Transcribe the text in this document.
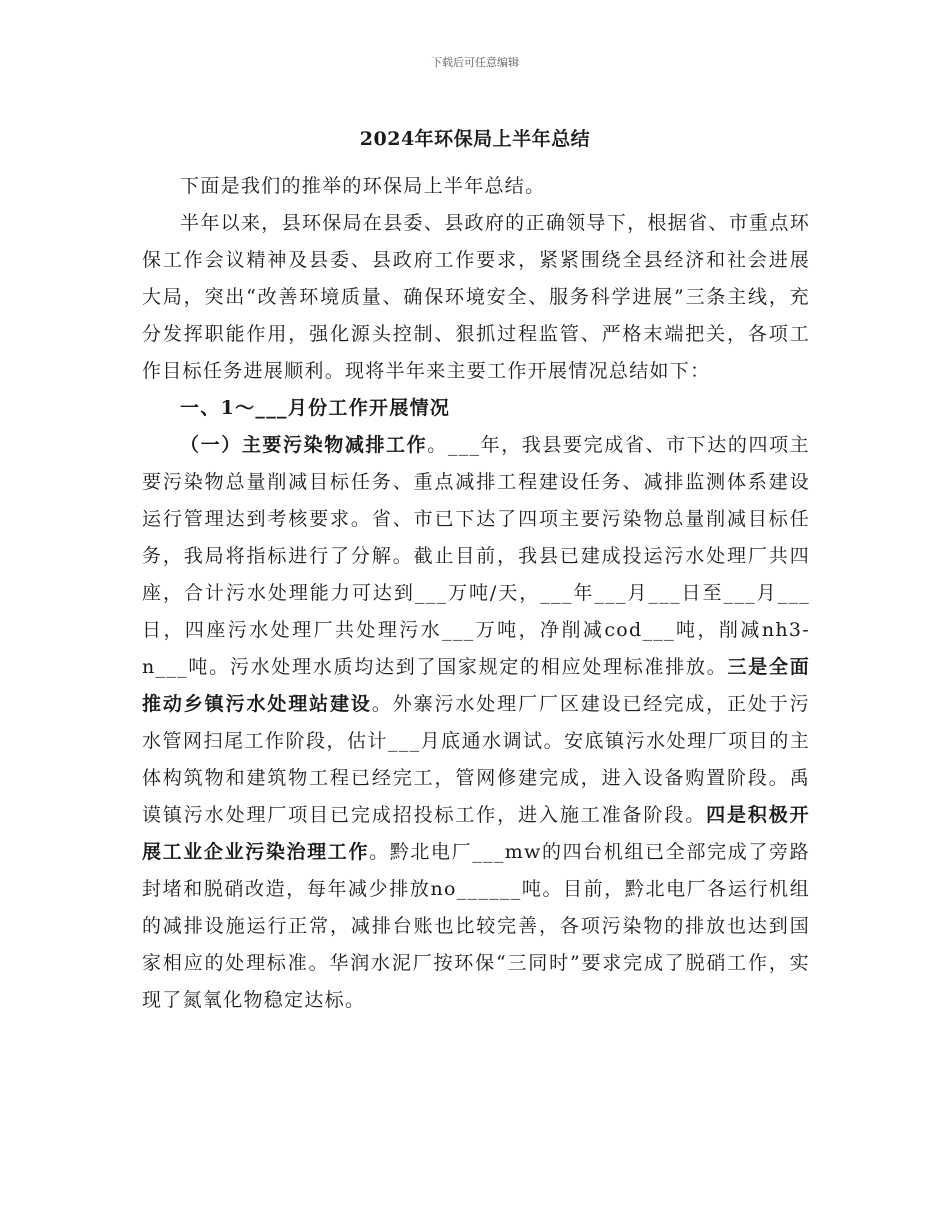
下载后可任意编辑
2024年环保局上半年总结

下面是我们的推举的环保局上半年总结。

半年以来，县环保局在县委、县政府的正确领导下，根据省、市重点环保工作会议精神及县委、县政府工作要求，紧紧围绕全县经济和社会进展大局，突出“改善环境质量、确保环境安全、服务科学进展”三条主线，充分发挥职能作用，强化源头控制、狠抓过程监管、严格末端把关，各项工作目标任务进展顺利。现将半年来主要工作开展情况总结如下：

一、1～___月份工作开展情况

（一）主要污染物减排工作。___年，我县要完成省、市下达的四项主要污染物总量削减目标任务、重点减排工程建设任务、减排监测体系建设运行管理达到考核要求。省、市已下达了四项主要污染物总量削减目标任务，我局将指标进行了分解。截止目前，我县已建成投运污水处理厂共四座，合计污水处理能力可达到___万吨/天，___年___月___日至___月___日，四座污水处理厂共处理污水___万吨，净削减cod___吨，削减nh3-n___吨。污水处理水质均达到了国家规定的相应处理标准排放。三是全面推动乡镇污水处理站建设。外寨污水处理厂厂区建设已经完成，正处于污水管网扫尾工作阶段，估计___月底通水调试。安底镇污水处理厂项目的主体构筑物和建筑物工程已经完工，管网修建完成，进入设备购置阶段。禹谟镇污水处理厂项目已完成招投标工作，进入施工准备阶段。四是积极开展工业企业污染治理工作。黔北电厂___mw的四台机组已全部完成了旁路封堵和脱硝改造，每年减少排放no______吨。目前，黔北电厂各运行机组的减排设施运行正常，减排台账也比较完善，各项污染物的排放也达到国家相应的处理标准。华润水泥厂按环保“三同时”要求完成了脱硝工作，实现了氮氧化物稳定达标。
